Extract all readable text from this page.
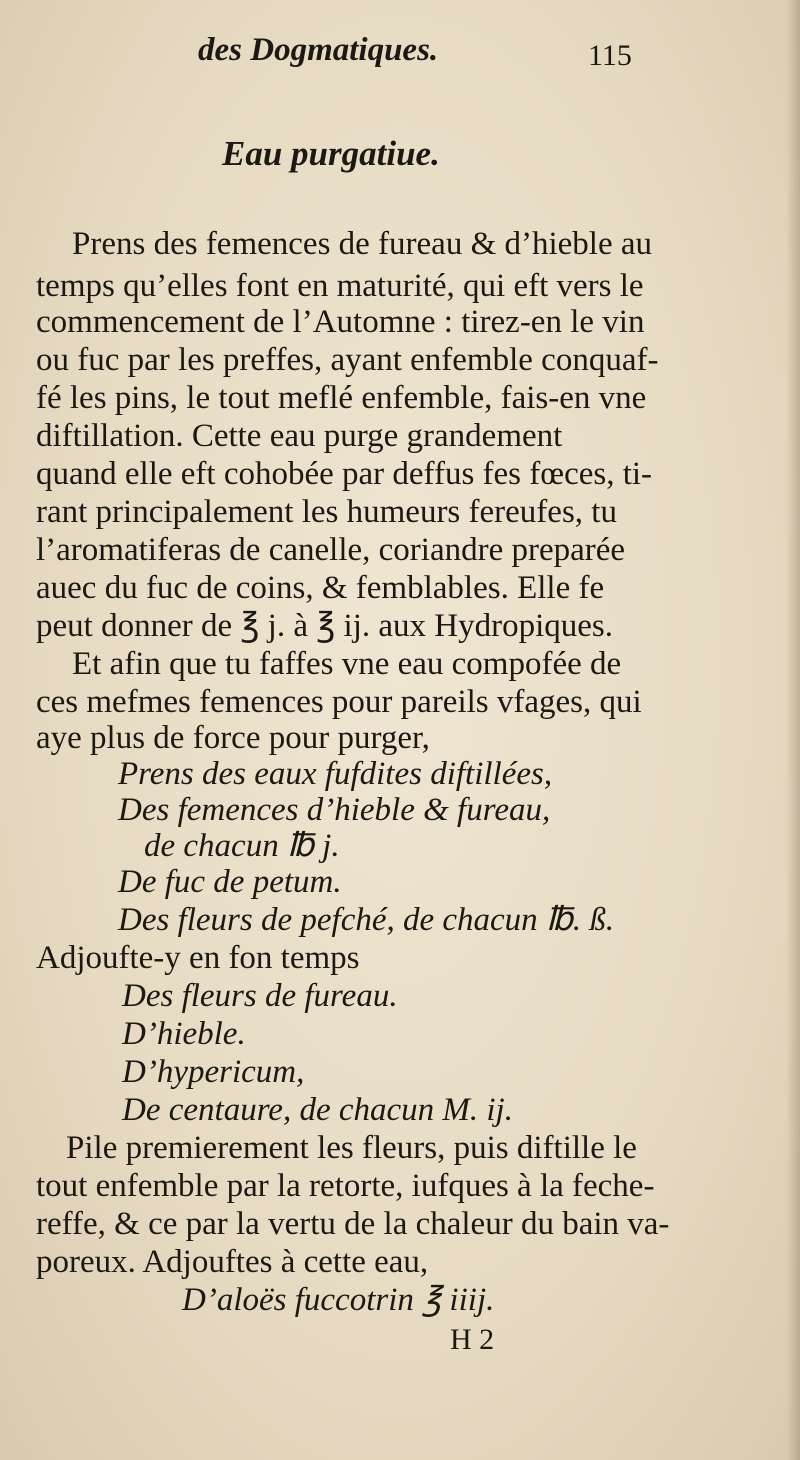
des Dogmatiques.	115
Eau purgatiue.
Prens des femences de fureau & d’hieble au
temps qu’elles font en maturité, qui eft vers le
commencement de l’Automne : tirez-en le vin
ou fuc par les preffes, ayant enfemble conquaf-
fé les pins, le tout meflé enfemble, fais-en vne
diftillation. Cette eau purge grandement
quand elle eft cohobée par deffus fes fœces, ti-
rant principalement les humeurs fereufes, tu
l’aromatiferas de canelle, coriandre preparée
auec du fuc de coins, & femblables. Elle fe
peut donner de ℥ j. à ℥ ij. aux Hydropiques.
Et afin que tu faffes vne eau compofée de
ces mefmes femences pour pareils vfages, qui
aye plus de force pour purger,
Prens des eaux fufdites diftillées,
Des femences d’hieble & fureau,
de chacun ℔ j.
De fuc de petum.
Des fleurs de pefché, de chacun ℔. ß.
Adjoufte-y en fon temps
Des fleurs de fureau.
D’hieble.
D’hypericum,
De centaure, de chacun M. ij.
Pile premierement les fleurs, puis diftille le
tout enfemble par la retorte, iufques à la feche-
reffe, & ce par la vertu de la chaleur du bain va-
poreux. Adjouftes à cette eau,
D’aloës fuccotrin ℥ iiij.
H 2
